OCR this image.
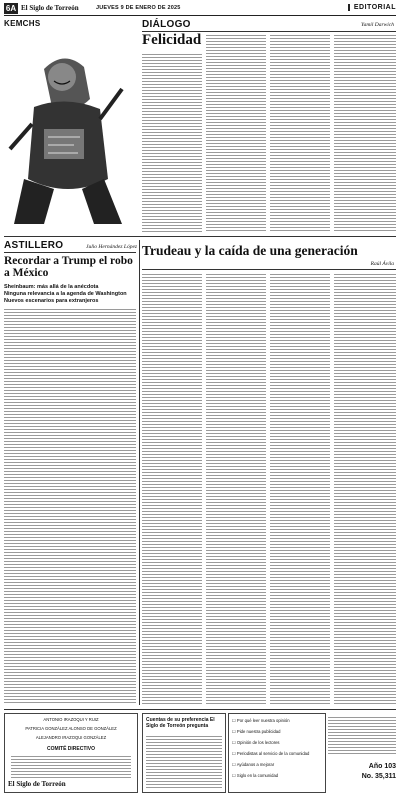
6A El Siglo de Torreón	JUEVES 9 DE ENERO DE 2025	EDITORIAL
KEMCHS	DIÁLOGO	Yamil Darwich
Felicidad
ASTILLERO	Julio Hernández López
Recordar a Trump el robo a México
Sheinbaum: más allá de la anécdota
Ninguna relevancia a la agenda de Washington
Nuevos escenarios para extranjeros
Trudeau y la caída de una generación
Raúl Ávila
ANTONIO IRAZOQUI Y RUIZ
PATRICIA GONZÁLEZ ALONSO DE GONZÁLEZ
ALEJANDRO IRAZOQUI GONZÁLEZ
COMITÉ DIRECTIVO
El Siglo de Torreón
Cuentas de su preferencia El Siglo de Torreón pregunta
☐ Por qué leer nuestra opinión
☐ Pide nuestra publicidad
☐ Opinión de los lectores
☐ Periodistas al servicio de la comunidad
☐ Ayúdanos a mejorar
☐ Siglo en la comunidad
Año 103
No. 35,311
